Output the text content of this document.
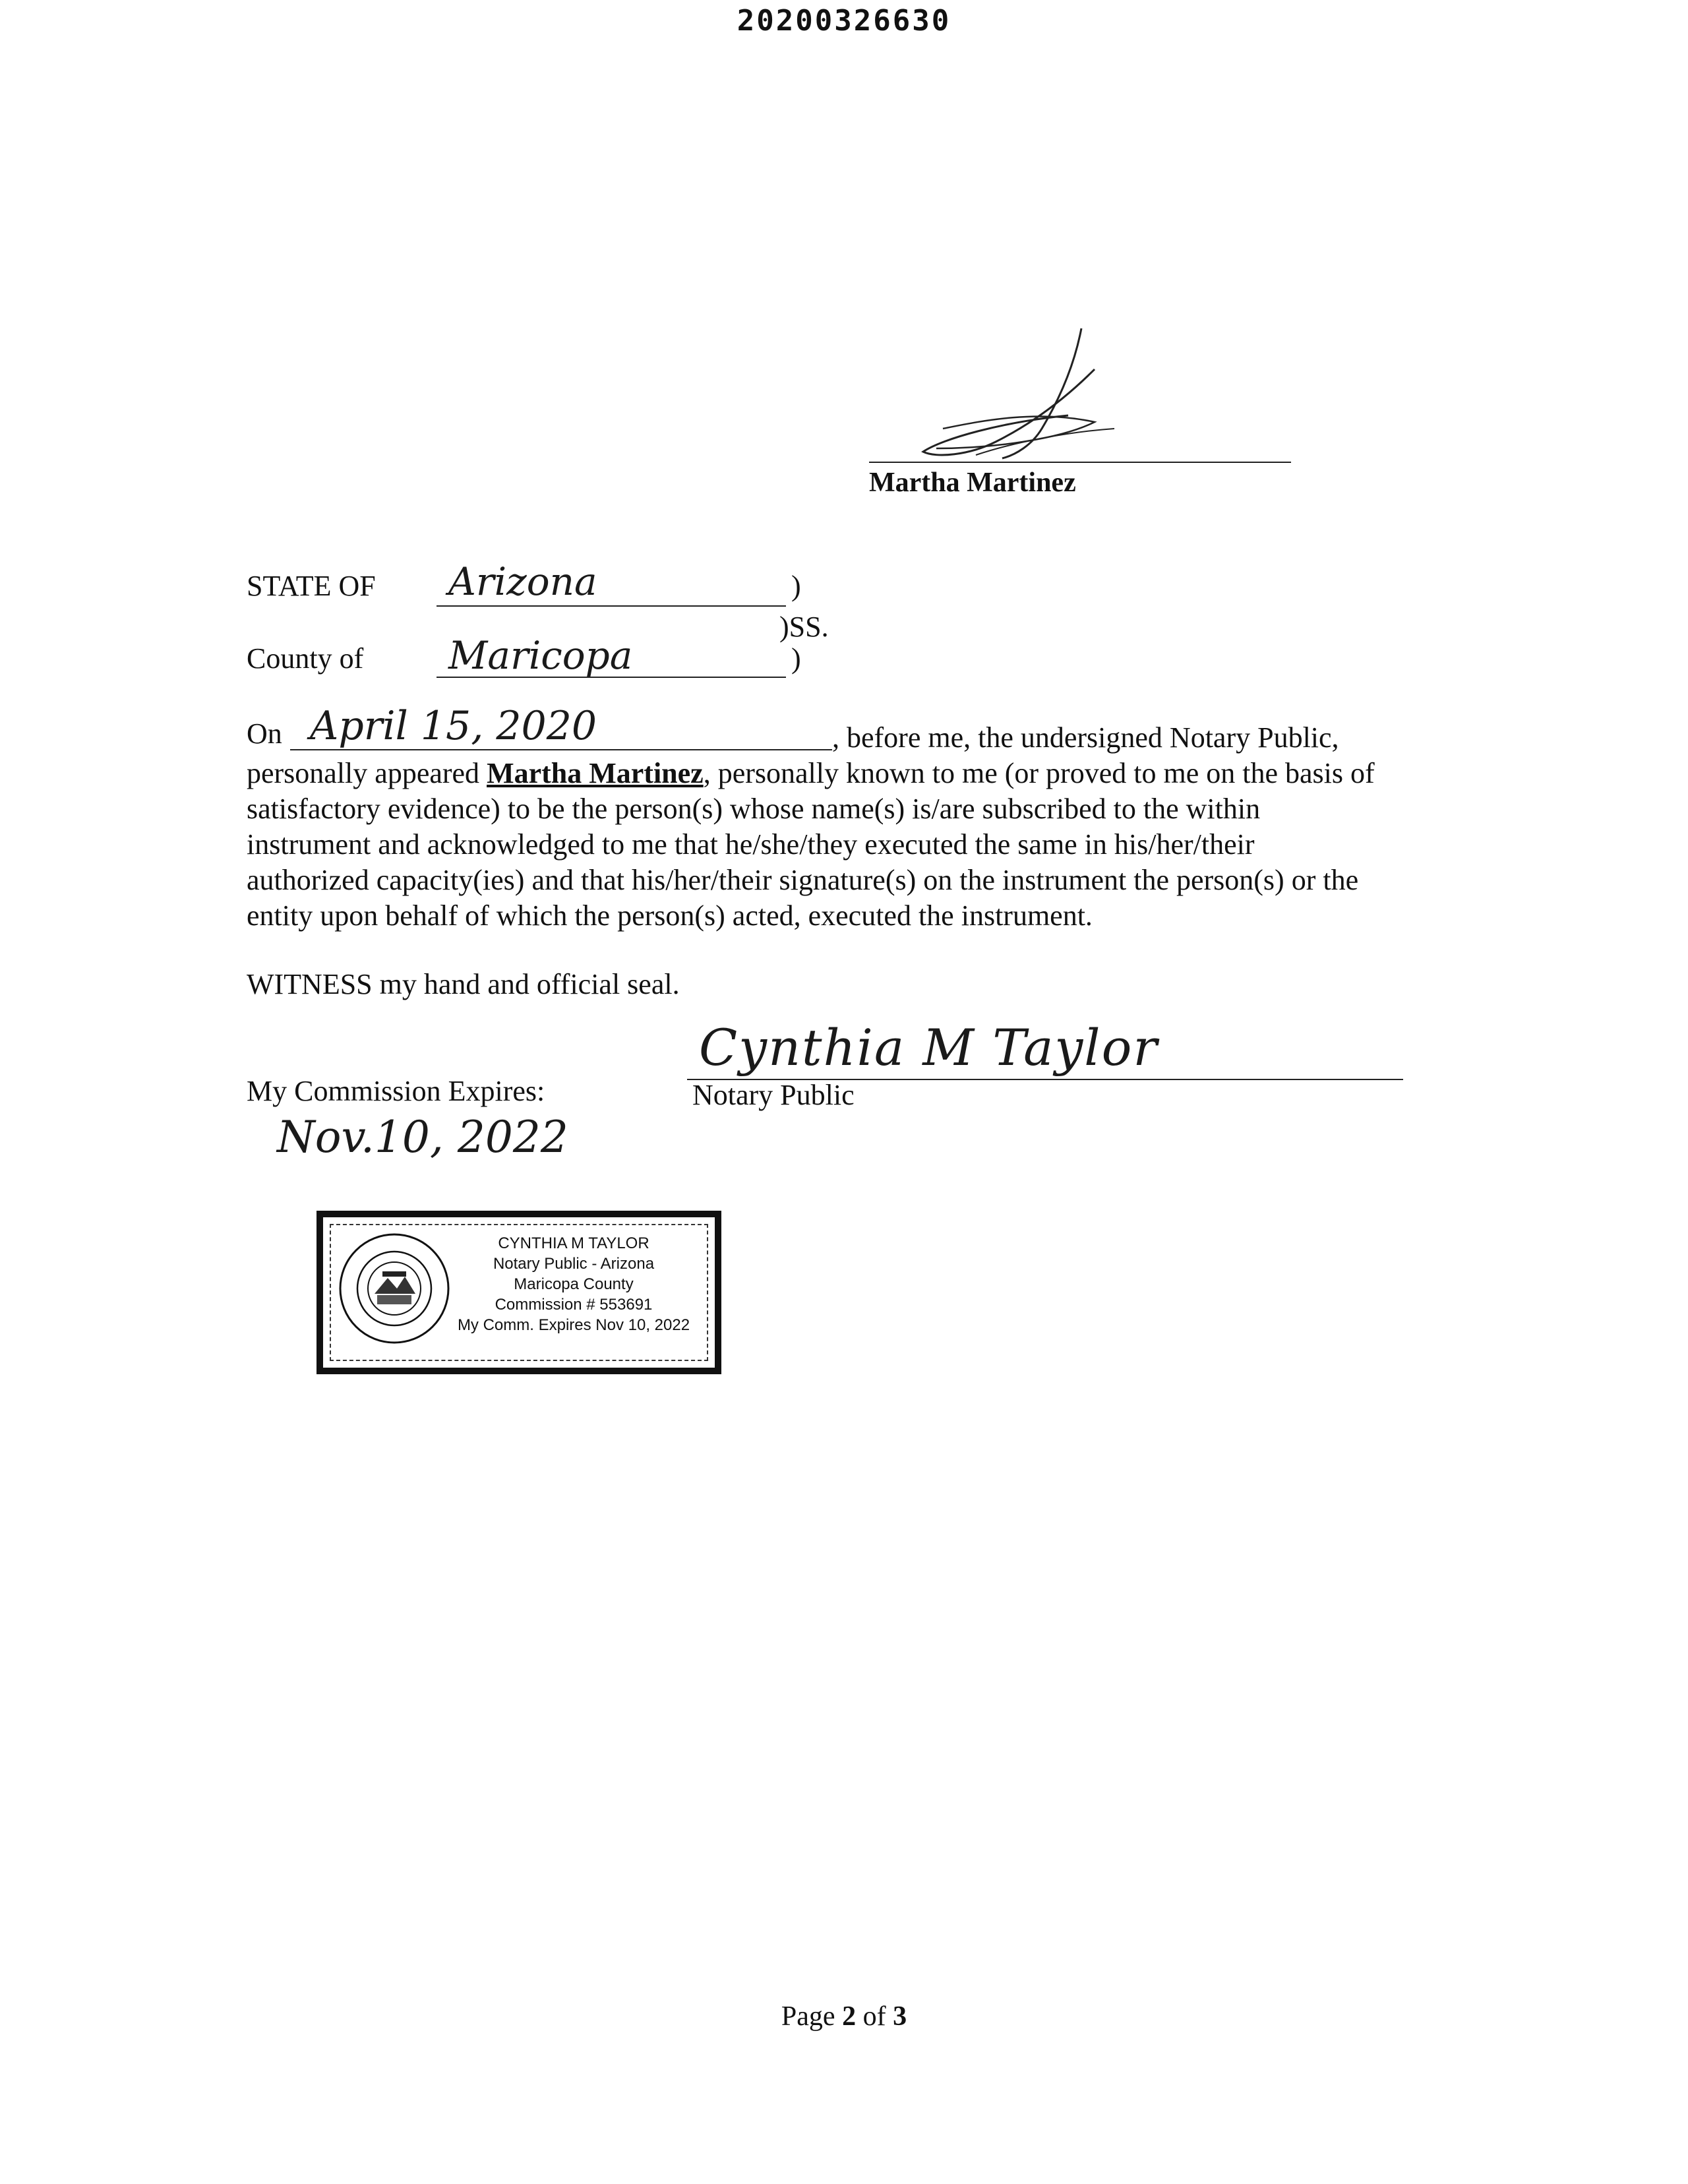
20200326630
Martha Martinez
STATE OF Arizona	)
)SS.
County of Maricopa	)
On April 15, 2020	, before me, the undersigned Notary Public,
personally appeared Martha Martinez, personally known to me (or proved to me on the basis of
satisfactory evidence) to be the person(s) whose name(s) is/are subscribed to the within
instrument and acknowledged to me that he/she/they executed the same in his/her/their
authorized capacity(ies) and that his/her/their signature(s) on the instrument the person(s) or the
entity upon behalf of which the person(s) acted, executed the instrument.
WITNESS my hand and official seal.
Cynthia M Taylor
Notary Public
My Commission Expires:
Nov.10, 2022
CYNTHIA M TAYLOR
Notary Public - Arizona
Maricopa County
Commission # 553691
My Comm. Expires Nov 10, 2022
Page 2 of 3
